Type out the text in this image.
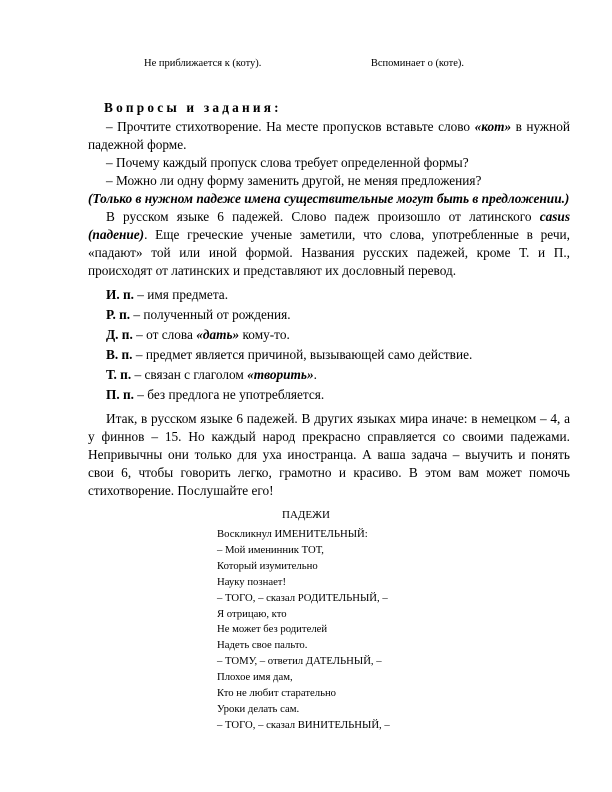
Не приближается к (коту).	Вспоминает о (коте).

Вопросы и задания:

– Прочтите стихотворение. На месте пропусков вставьте слово «кот» в нужной падежной форме.

– Почему каждый пропуск слова требует определенной формы?

– Можно ли одну форму заменить другой, не меняя предложения?

(Только в нужном падеже имена существительные могут быть в предложении.)

В русском языке 6 падежей. Слово падеж произошло от латинского casus (падение). Еще греческие ученые заметили, что слова, употребленные в речи, «падают» той или иной формой. Названия русских падежей, кроме Т. и П., происходят от латинских и представляют их дословный перевод.

И. п. – имя предмета.

Р. п. – полученный от рождения.

Д. п. – от слова «дать» кому-то.

В. п. – предмет является причиной, вызывающей само действие.

Т. п. – связан с глаголом «творить».

П. п. – без предлога не употребляется.

Итак, в русском языке 6 падежей. В других языках мира иначе: в немецком – 4, а у финнов – 15. Но каждый народ прекрасно справляется со своими падежами. Непривычны они только для уха иностранца. А ваша задача – выучить и понять свои 6, чтобы говорить легко, грамотно и красиво. В этом вам может помочь стихотворение. Послушайте его!

ПАДЕЖИ
Воскликнул ИМЕНИТЕЛЬНЫЙ:
– Мой именинник ТОТ,
Который изумительно
Науку познает!
– ТОГО, – сказал РОДИТЕЛЬНЫЙ, –
Я отрицаю, кто
Не может без родителей
Надеть свое пальто.
– ТОМУ, – ответил ДАТЕЛЬНЫЙ, –
Плохое имя дам,
Кто не любит старательно
Уроки делать сам.
– ТОГО, – сказал ВИНИТЕЛЬНЫЙ, –
